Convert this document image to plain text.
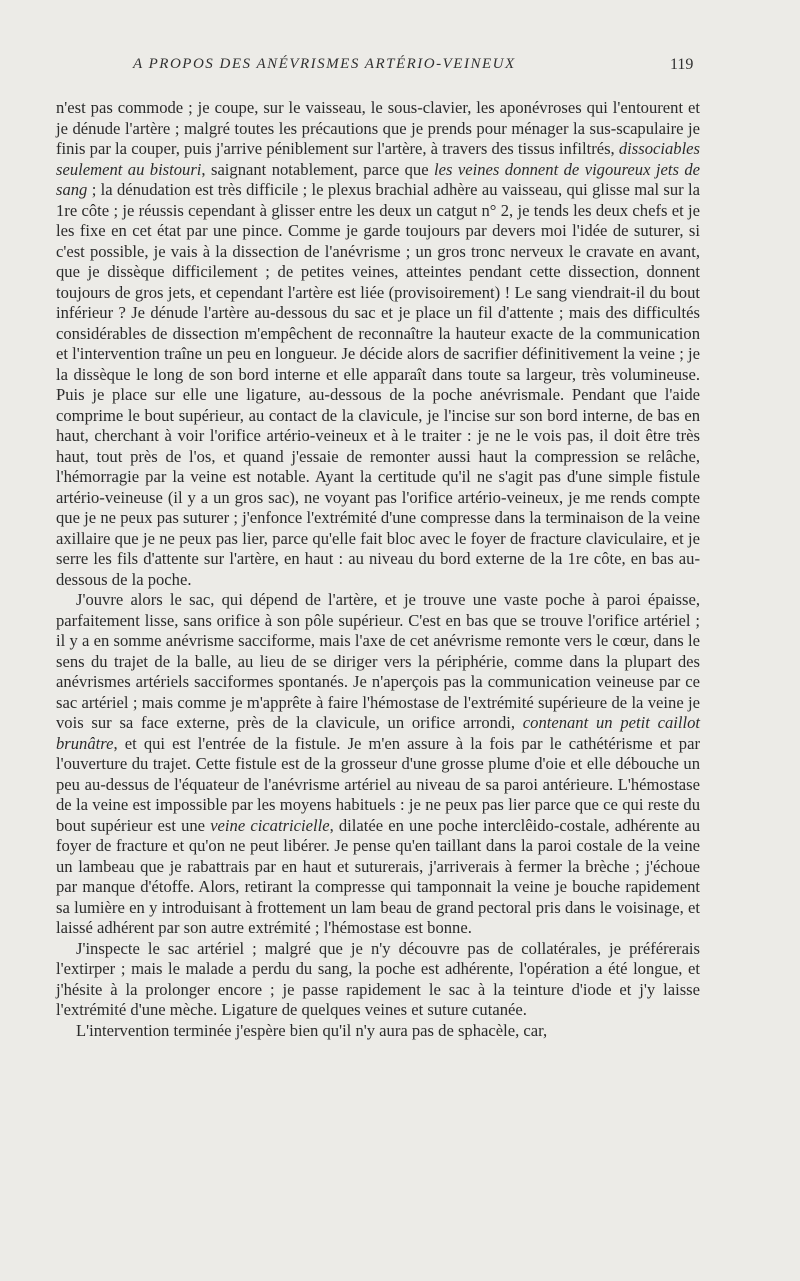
A PROPOS DES ANÉVRISMES ARTÉRIO-VEINEUX	119

n'est pas commode ; je coupe, sur le vaisseau, le sous-clavier, les aponévroses qui l'entourent et je dénude l'artère ; malgré toutes les précautions que je prends pour ménager la sus-scapulaire je finis par la couper, puis j'arrive péniblement sur l'artère, à travers des tissus infiltrés, dissociables seulement au bistouri, saignant notablement, parce que les veines donnent de vigoureux jets de sang ; la dénudation est très difficile ; le plexus brachial adhère au vaisseau, qui glisse mal sur la 1re côte ; je réussis cependant à glisser entre les deux un catgut n° 2, je tends les deux chefs et je les fixe en cet état par une pince. Comme je garde toujours par devers moi l'idée de suturer, si c'est possible, je vais à la dissection de l'anévrisme ; un gros tronc nerveux le cravate en avant, que je dissèque difficilement ; de petites veines, atteintes pendant cette dissection, donnent toujours de gros jets, et cependant l'artère est liée (provisoirement) ! Le sang viendrait-il du bout inférieur ? Je dénude l'artère au-dessous du sac et je place un fil d'attente ; mais des difficultés considérables de dissection m'empêchent de reconnaître la hauteur exacte de la communication et l'intervention traîne un peu en longueur. Je décide alors de sacrifier définitivement la veine ; je la dissèque le long de son bord interne et elle apparaît dans toute sa largeur, très volumineuse. Puis je place sur elle une ligature, au-dessous de la poche anévrismale. Pendant que l'aide comprime le bout supérieur, au contact de la clavicule, je l'incise sur son bord interne, de bas en haut, cherchant à voir l'orifice artério-veineux et à le traiter : je ne le vois pas, il doit être très haut, tout près de l'os, et quand j'essaie de remonter aussi haut la compression se relâche, l'hémorragie par la veine est notable. Ayant la certitude qu'il ne s'agit pas d'une simple fistule artério-veineuse (il y a un gros sac), ne voyant pas l'orifice artério-veineux, je me rends compte que je ne peux pas suturer ; j'enfonce l'extrémité d'une compresse dans la terminaison de la veine axillaire que je ne peux pas lier, parce qu'elle fait bloc avec le foyer de fracture claviculaire, et je serre les fils d'attente sur l'artère, en haut : au niveau du bord externe de la 1re côte, en bas au-dessous de la poche.

J'ouvre alors le sac, qui dépend de l'artère, et je trouve une vaste poche à paroi épaisse, parfaitement lisse, sans orifice à son pôle supérieur. C'est en bas que se trouve l'orifice artériel ; il y a en somme anévrisme sacciforme, mais l'axe de cet anévrisme remonte vers le cœur, dans le sens du trajet de la balle, au lieu de se diriger vers la périphérie, comme dans la plupart des anévrismes artériels sacciformes spontanés. Je n'aperçois pas la communication veineuse par ce sac artériel ; mais comme je m'apprête à faire l'hémostase de l'extrémité supérieure de la veine je vois sur sa face externe, près de la clavicule, un orifice arrondi, contenant un petit caillot brunâtre, et qui est l'entrée de la fistule. Je m'en assure à la fois par le cathétérisme et par l'ouverture du trajet. Cette fistule est de la grosseur d'une grosse plume d'oie et elle débouche un peu au-dessus de l'équateur de l'anévrisme artériel au niveau de sa paroi antérieure. L'hémostase de la veine est impossible par les moyens habituels : je ne peux pas lier parce que ce qui reste du bout supérieur est une veine cicatricielle, dilatée en une poche interclêido-costale, adhérente au foyer de fracture et qu'on ne peut libérer. Je pense qu'en taillant dans la paroi costale de la veine un lambeau que je rabattrais par en haut et suturerais, j'arriverais à fermer la brèche ; j'échoue par manque d'étoffe. Alors, retirant la compresse qui tamponnait la veine je bouche rapidement sa lumière en y introduisant à frottement un lam beau de grand pectoral pris dans le voisinage, et laissé adhérent par son autre extrémité ; l'hémostase est bonne.

J'inspecte le sac artériel ; malgré que je n'y découvre pas de collatérales, je préférerais l'extirper ; mais le malade a perdu du sang, la poche est adhérente, l'opération a été longue, et j'hésite à la prolonger encore ; je passe rapidement le sac à la teinture d'iode et j'y laisse l'extrémité d'une mèche. Ligature de quelques veines et suture cutanée.

L'intervention terminée j'espère bien qu'il n'y aura pas de sphacèle, car,
